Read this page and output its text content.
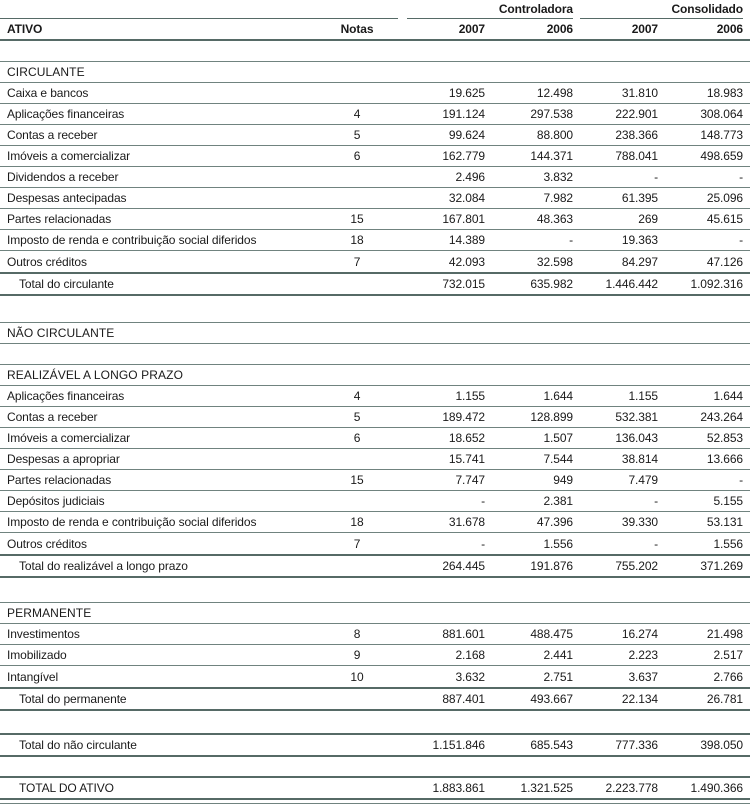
Controladora	Consolidado
ATIVO	Notas	2007	2006	2007	2006
CIRCULANTE
Caixa e bancos	19.625	12.498	31.810	18.983
Aplicações financeiras	4	191.124	297.538	222.901	308.064
Contas a receber	5	99.624	88.800	238.366	148.773
Imóveis a comercializar	6	162.779	144.371	788.041	498.659
Dividendos a receber	2.496	3.832	-	-
Despesas antecipadas	32.084	7.982	61.395	25.096
Partes relacionadas	15	167.801	48.363	269	45.615
Imposto de renda e contribuição social diferidos	18	14.389	-	19.363	-
Outros créditos	7	42.093	32.598	84.297	47.126
Total do circulante	732.015	635.982	1.446.442	1.092.316
NÃO CIRCULANTE
REALIZÁVEL A LONGO PRAZO
Aplicações financeiras	4	1.155	1.644	1.155	1.644
Contas a receber	5	189.472	128.899	532.381	243.264
Imóveis a comercializar	6	18.652	1.507	136.043	52.853
Despesas a apropriar	15.741	7.544	38.814	13.666
Partes relacionadas	15	7.747	949	7.479	-
Depósitos judiciais	-	2.381	-	5.155
Imposto de renda e contribuição social diferidos	18	31.678	47.396	39.330	53.131
Outros créditos	7	-	1.556	-	1.556
Total do realizável a longo prazo	264.445	191.876	755.202	371.269
PERMANENTE
Investimentos	8	881.601	488.475	16.274	21.498
Imobilizado	9	2.168	2.441	2.223	2.517
Intangível	10	3.632	2.751	3.637	2.766
Total do permanente	887.401	493.667	22.134	26.781
Total do não circulante	1.151.846	685.543	777.336	398.050
TOTAL DO ATIVO	1.883.861	1.321.525	2.223.778	1.490.366
